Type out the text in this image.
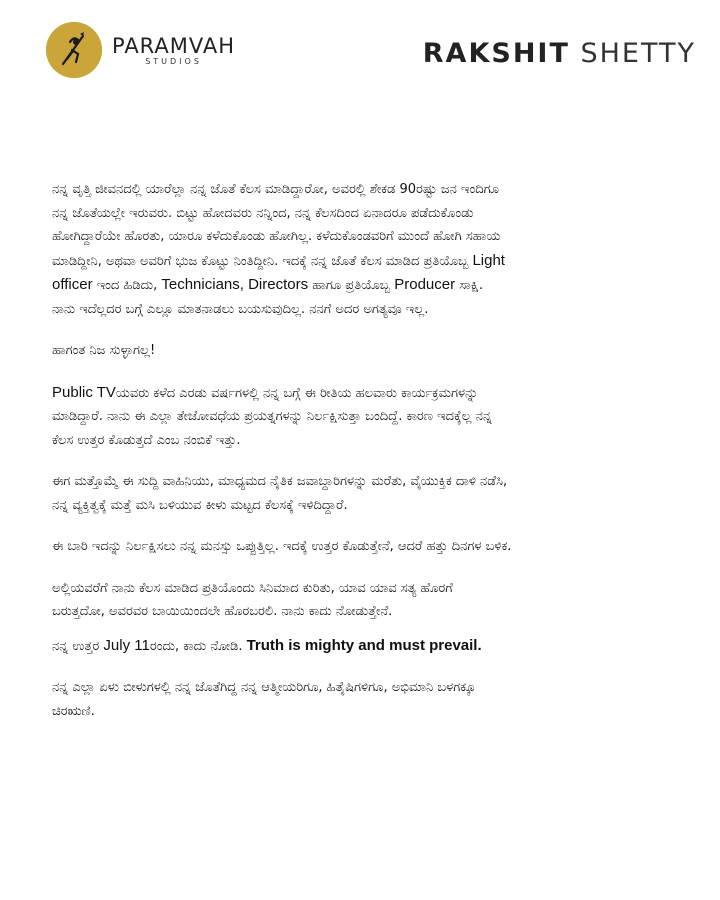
PARAMVAH
STUDIOS	RAKSHIT SHETTY

ನನ್ನ ವೃತ್ತಿ ಜೀವನದಲ್ಲಿ ಯಾರೆಲ್ಲಾ ನನ್ನ ಜೊತೆ ಕೆಲಸ ಮಾಡಿದ್ದಾರೋ, ಅವರಲ್ಲಿ ಶೇಕಡ 90ರಷ್ಟು ಜನ ಇಂದಿಗೂ
ನನ್ನ ಜೊತೆಯಲ್ಲೇ ಇರುವರು. ಬಿಟ್ಟು ಹೋದವರು ನನ್ನಿಂದ, ನನ್ನ ಕೆಲಸದಿಂದ ಏನಾದರೂ ಪಡೆದುಕೊಂಡು
ಹೋಗಿದ್ದಾರೆಯೇ ಹೊರತು, ಯಾರೂ ಕಳೆದುಕೊಂಡು ಹೋಗಿಲ್ಲ. ಕಳೆದುಕೊಂಡವರಿಗೆ ಮುಂದೆ ಹೋಗಿ ಸಹಾಯ
ಮಾಡಿದ್ದೀನಿ, ಅಥವಾ ಅವರಿಗೆ ಭುಜ ಕೊಟ್ಟು ನಿಂತಿದ್ದೀನಿ. ಇದಕ್ಕೆ ನನ್ನ ಜೊತೆ ಕೆಲಸ ಮಾಡಿದ ಪ್ರತಿಯೊಬ್ಬ Light
officer ಇಂದ ಹಿಡಿದು, Technicians, Directors ಹಾಗೂ ಪ್ರತಿಯೊಬ್ಬ Producer ಸಾಕ್ಷಿ.
ನಾನು ಇದೆಲ್ಲದರ ಬಗ್ಗೆ ಎಲ್ಲೂ ಮಾತನಾಡಲು ಬಯಸುವುದಿಲ್ಲ. ನನಗೆ ಅದರ ಅಗತ್ಯವೂ ಇಲ್ಲ.

ಹಾಗಂತ ನಿಜ ಸುಳ್ಳಾಗಲ್ಲ!

Public TVಯವರು ಕಳೆದ ಎರಡು ವರ್ಷಗಳಲ್ಲಿ ನನ್ನ ಬಗ್ಗೆ ಈ ರೀತಿಯ ಹಲವಾರು ಕಾರ್ಯಕ್ರಮಗಳನ್ನು
ಮಾಡಿದ್ದಾರೆ. ನಾನು ಈ ಎಲ್ಲಾ ತೇಜೋವಧೆಯ ಪ್ರಯತ್ನಗಳನ್ನು ನಿರ್ಲಕ್ಷಿಸುತ್ತಾ ಬಂದಿದ್ದೆ. ಕಾರಣ ಇದಕ್ಕೆಲ್ಲ ನನ್ನ
ಕೆಲಸ ಉತ್ತರ ಕೊಡುತ್ತದೆ ಎಂಬ ನಂಬಿಕೆ ಇತ್ತು.

ಈಗ ಮತ್ತೊಮ್ಮೆ ಈ ಸುದ್ದಿ ವಾಹಿನಿಯು, ಮಾಧ್ಯಮದ ನೈತಿಕ ಜವಾಬ್ದಾರಿಗಳನ್ನು ಮರೆತು, ವೈಯುಕ್ತಿಕ ದಾಳಿ ನಡೆಸಿ,
ನನ್ನ ವ್ಯಕ್ತಿತ್ವಕ್ಕೆ ಮತ್ತೆ ಮಸಿ ಬಳಿಯುವ ಕೀಳು ಮಟ್ಟದ ಕೆಲಸಕ್ಕೆ ಇಳಿದಿದ್ದಾರೆ.

ಈ ಬಾರಿ ಇದನ್ನು ನಿರ್ಲಕ್ಷಿಸಲು ನನ್ನ ಮನಸ್ಸು ಒಪ್ಪುತ್ತಿಲ್ಲ. ಇದಕ್ಕೆ ಉತ್ತರ ಕೊಡುತ್ತೇನೆ, ಆದರೆ ಹತ್ತು ದಿನಗಳ ಬಳಿಕ.

ಅಲ್ಲಿಯವರೆಗೆ ನಾನು ಕೆಲಸ ಮಾಡಿದ ಪ್ರತಿಯೊಂದು ಸಿನಿಮಾದ ಕುರಿತು, ಯಾವ ಯಾವ ಸತ್ಯ ಹೊರಗೆ
ಬರುತ್ತದೋ, ಅವರವರ ಬಾಯಿಯಿಂದಲೇ ಹೊರಬರಲಿ. ನಾನು ಕಾದು ನೋಡುತ್ತೇನೆ.

ನನ್ನ ಉತ್ತರ July 11ರಂದು, ಕಾದು ನೋಡಿ. Truth is mighty and must prevail.

ನನ್ನ ಎಲ್ಲಾ ಏಳು ಬೀಳುಗಳಲ್ಲಿ ನನ್ನ ಜೊತೆಗಿದ್ದ ನನ್ನ ಆತ್ಮೀಯರಿಗೂ, ಹಿತೈಷಿಗಳಿಗೂ, ಅಭಿಮಾನಿ ಬಳಗಕ್ಕೂ
ಚಿರಋಣಿ.
